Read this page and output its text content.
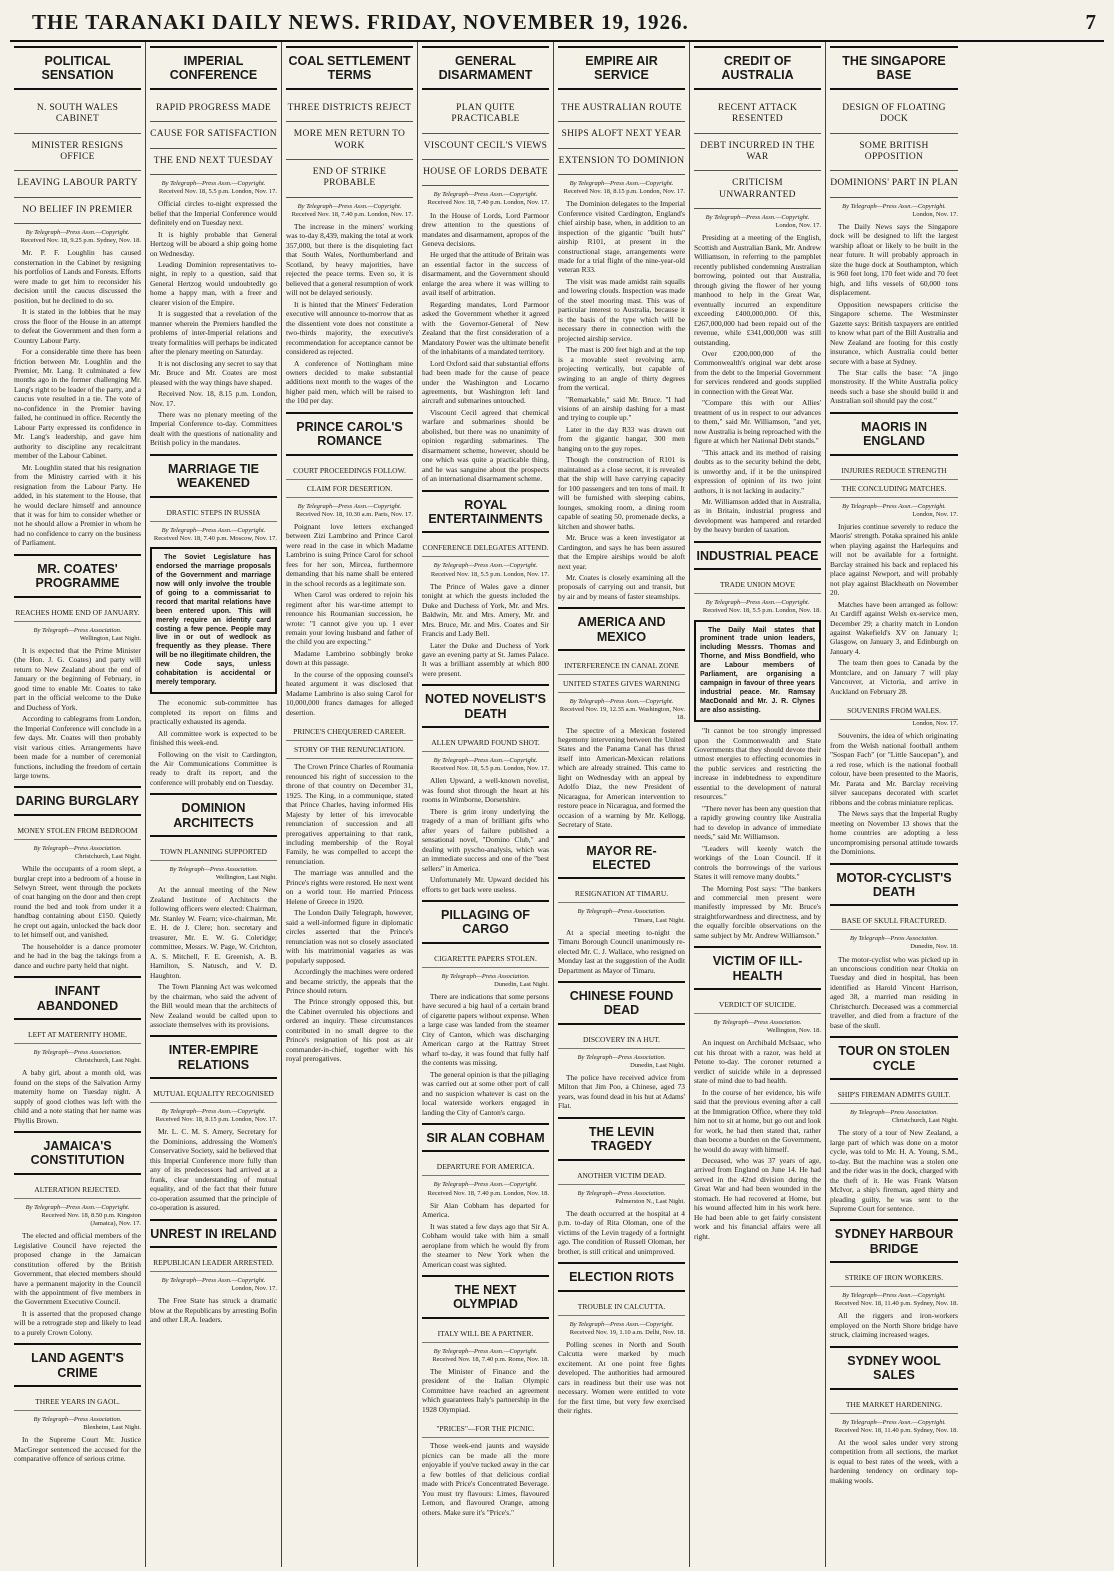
THE TARANAKI DAILY NEWS. FRIDAY, NOVEMBER 19, 1926.	7
POLITICAL SENSATION
N. SOUTH WALES CABINET
MINISTER RESIGNS OFFICE
LEAVING LABOUR PARTY
NO BELIEF IN PREMIER
By Telegraph—Press Assn.—Copyright.
Received Nov. 18, 9.25 p.m. Sydney, Nov. 18.

Mr. P. F. Loughlin has caused consternation in the Cabinet by resigning his portfolios of Lands and Forests. Efforts were made to get him to reconsider his decision until the caucus discussed the position, but he declined to do so.

It is stated in the lobbies that he may cross the floor of the House in an attempt to defeat the Government and then form a Country Labour Party.

For a considerable time there has been friction between Mr. Loughlin and the Premier, Mr. Lang. It culminated a few months ago in the former challenging Mr. Lang's right to be leader of the party, and a caucus vote resulted in a tie. The vote of no-confidence in the Premier having failed, he continued in office. Recently the Labour Party expressed its confidence in Mr. Lang's leadership, and gave him authority to discipline any recalcitrant member of the Labour Cabinet.

Mr. Loughlin stated that his resignation from the Ministry carried with it his resignation from the Labour Party. He added, in his statement to the House, that he would declare himself and announce that it was for him to consider whether or not he should allow a Premier in whom he had no confidence to carry on the business of Parliament.

MR. COATES' PROGRAMME
REACHES HOME END OF JANUARY.
By Telegraph—Press Association.
Wellington, Last Night.

It is expected that the Prime Minister (the Hon. J. G. Coates) and party will return to New Zealand about the end of January or the beginning of February, in good time to enable Mr. Coates to take part in the official welcome to the Duke and Duchess of York.

According to cablegrams from London, the Imperial Conference will conclude in a few days. Mr. Coates will then probably visit various cities. Arrangements have been made for a number of ceremonial functions, including the freedom of certain large towns.

DARING BURGLARY
MONEY STOLEN FROM BEDROOM
By Telegraph—Press Association.
Christchurch, Last Night.

While the occupants of a room slept, a burglar crept into a bedroom of a house in Selwyn Street, went through the pockets of coat hanging on the door and then crept round the bed and took from under it a handbag containing about £150. Quietly he crept out again, unlocked the back door to let himself out, and vanished.

The householder is a dance promoter and he had in the bag the takings from a dance and euchre party held that night.

INFANT ABANDONED
LEFT AT MATERNITY HOME.
By Telegraph—Press Association.
Christchurch, Last Night.

A baby girl, about a month old, was found on the steps of the Salvation Army maternity home on Tuesday night. A supply of good clothes was left with the child and a note stating that her name was Phyllis Brown.

JAMAICA'S CONSTITUTION
ALTERATION REJECTED.
By Telegraph—Press Assn.—Copyright.
Received Nov. 18, 8.50 p.m. Kingston (Jamaica), Nov. 17.

The elected and official members of the Legislative Council have rejected the proposed change in the Jamaican constitution offered by the British Government, that elected members should have a permanent majority in the Council with the appointment of five members in the Government Executive Council.

It is asserted that the proposed change will be a retrograde step and likely to lead to a purely Crown Colony.

LAND AGENT'S CRIME
THREE YEARS IN GAOL.
By Telegraph—Press Association.
Blenheim, Last Night.

In the Supreme Court Mr. Justice MacGregor sentenced the accused for the comparative offence of serious crime.

IMPERIAL CONFERENCE
RAPID PROGRESS MADE
CAUSE FOR SATISFACTION
THE END NEXT TUESDAY
By Telegraph—Press Assn.—Copyright.
Received Nov. 18, 5.5 p.m. London, Nov. 17.

Official circles to-night expressed the belief that the Imperial Conference would definitely end on Tuesday next.

It is highly probable that General Hertzog will be aboard a ship going home on Wednesday.

Leading Dominion representatives to-night, in reply to a question, said that General Hertzog would undoubtedly go home a happy man, with a freer and clearer vision of the Empire.

It is suggested that a revelation of the manner wherein the Premiers handled the problems of inter-Imperial relations and treaty formalities will perhaps be indicated after the plenary meeting on Saturday.

It is not disclosing any secret to say that Mr. Bruce and Mr. Coates are most pleased with the way things have shaped.

Received Nov. 18, 8.15 p.m. London, Nov. 17.

There was no plenary meeting of the Imperial Conference to-day. Committees dealt with the questions of nationality and British policy in the mandates.

MARRIAGE TIE WEAKENED
DRASTIC STEPS IN RUSSIA
By Telegraph—Press Assn.—Copyright.
Received Nov. 18, 7.40 p.m. Moscow, Nov. 17.

The Soviet Legislature has endorsed the marriage proposals of the Government and marriage now will only involve the trouble of going to a commissariat to record that marital relations have been entered upon. This will merely require an identity card costing a few pence. People may live in or out of wedlock as frequently as they please. There will be no illegitimate children, the new Code says, unless cohabitation is accidental or merely temporary.

The economic sub-committee has completed its report on films and practically exhausted its agenda.

All committee work is expected to be finished this week-end.

Following on the visit to Cardington, the Air Communications Committee is ready to draft its report, and the conference will probably end on Tuesday.

DOMINION ARCHITECTS
TOWN PLANNING SUPPORTED
By Telegraph—Press Association.
Wellington, Last Night.

At the annual meeting of the New Zealand Institute of Architects the following officers were elected: Chairman, Mr. Stanley W. Fearn; vice-chairman, Mr. E. H. de J. Clere; hon. secretary and treasurer, Mr. E. W. G. Coleridge; committee, Messrs. W. Page, W. Crichton, A. S. Mitchell, F. E. Greenish, A. B. Hamilton, S. Natusch, and V. D. Haughton.

The Town Planning Act was welcomed by the chairman, who said the advent of the Bill would mean that the architects of New Zealand would be called upon to associate themselves with its provisions.

INTER-EMPIRE RELATIONS
MUTUAL EQUALITY RECOGNISED
By Telegraph—Press Assn.—Copyright.
Received Nov. 18, 8.15 p.m. London, Nov. 17.

Mr. L. C. M. S. Amery, Secretary for the Dominions, addressing the Women's Conservative Society, said he believed that this Imperial Conference more fully than any of its predecessors had arrived at a frank, clear understanding of mutual equality, and of the fact that their future co-operation assumed that the principle of co-operation is assured.

UNREST IN IRELAND
REPUBLICAN LEADER ARRESTED.
By Telegraph—Press Assn.—Copyright.
London, Nov. 17.

The Free State has struck a dramatic blow at the Republicans by arresting Bofin and other I.R.A. leaders.

COAL SETTLEMENT TERMS
THREE DISTRICTS REJECT
MORE MEN RETURN TO WORK
END OF STRIKE PROBABLE
By Telegraph—Press Assn.—Copyright.
Received Nov. 18, 7.40 p.m. London, Nov. 17.

The increase in the miners' working was to-day 8,439, making the total at work 357,000, but there is the disquieting fact that South Wales, Northumberland and Scotland, by heavy majorities, have rejected the peace terms. Even so, it is believed that a general resumption of work will not be delayed seriously.

It is hinted that the Miners' Federation executive will announce to-morrow that as the dissentient vote does not constitute a two-thirds majority, the executive's recommendation for acceptance cannot be considered as rejected.

A conference of Nottingham mine owners decided to make substantial additions next month to the wages of the higher paid men, which will be raised to the 10d per day.

PRINCE CAROL'S ROMANCE
COURT PROCEEDINGS FOLLOW.
CLAIM FOR DESERTION.
By Telegraph—Press Assn.—Copyright.
Received Nov. 18, 10.30 a.m. Paris, Nov. 17.

Poignant love letters exchanged between Zizi Lambrino and Prince Carol were read in the case in which Madame Lambrino is suing Prince Carol for school fees for her son, Mircea, furthermore demanding that his name shall be entered in the school records as a legitimate son.

When Carol was ordered to rejoin his regiment after his war-time attempt to renounce his Roumanian succession, he wrote: "I cannot give you up. I ever remain your loving husband and father of the child you are expecting."

Madame Lambrino sobbingly broke down at this passage.

In the course of the opposing counsel's heated argument it was disclosed that Madame Lambrino is also suing Carol for 10,000,000 francs damages for alleged desertion.

PRINCE'S CHEQUERED CAREER.
STORY OF THE RENUNCIATION.

The Crown Prince Charles of Roumania renounced his right of succession to the throne of that country on December 31, 1925. The King, in a communique, stated that Prince Charles, having informed His Majesty by letter of his irrevocable renunciation of succession and all prerogatives appertaining to that rank, including membership of the Royal Family, he was compelled to accept the renunciation.

The marriage was annulled and the Prince's rights were restored. He next went on a world tour. He married Princess Helene of Greece in 1920.

The London Daily Telegraph, however, said a well-informed figure in diplomatic circles asserted that the Prince's renunciation was not so closely associated with his matrimonial vagaries as was popularly supposed.

Accordingly the machines were ordered and became strictly, the appeals that the Prince should return.

The Prince strongly opposed this, but the Cabinet overruled his objections and ordered an inquiry. These circumstances contributed in no small degree to the Prince's resignation of his post as air commander-in-chief, together with his royal prerogatives.

GENERAL DISARMAMENT
PLAN QUITE PRACTICABLE
VISCOUNT CECIL'S VIEWS
HOUSE OF LORDS DEBATE
By Telegraph—Press Assn.—Copyright.
Received Nov. 18, 7.40 p.m. London, Nov. 17.

In the House of Lords, Lord Parmoor drew attention to the questions of mandates and disarmament, apropos of the Geneva decisions.

He urged that the attitude of Britain was an essential factor in the success of disarmament, and the Government should enlarge the area where it was willing to avail itself of arbitration.

Regarding mandates, Lord Parmoor asked the Government whether it agreed with the Governor-General of New Zealand that the first consideration of a Mandatory Power was the ultimate benefit of the inhabitants of a mandated territory.

Lord Oxford said that substantial efforts had been made for the cause of peace under the Washington and Locarno agreements, but Washington left land aircraft and submarines untouched.

Viscount Cecil agreed that chemical warfare and submarines should be abolished, but there was no unanimity of opinion regarding submarines. The disarmament scheme, however, should be one which was quite a practicable thing, and he was sanguine about the prospects of an international disarmament scheme.

ROYAL ENTERTAINMENTS
CONFERENCE DELEGATES ATTEND.
By Telegraph—Press Assn.—Copyright.
Received Nov. 18, 5.5 p.m. London, Nov. 17.

The Prince of Wales gave a dinner tonight at which the guests included the Duke and Duchess of York, Mr. and Mrs. Baldwin, Mr. and Mrs. Amery, Mr. and Mrs. Bruce, Mr. and Mrs. Coates and Sir Francis and Lady Bell.

Later the Duke and Duchess of York gave an evening party at St. James Palace. It was a brilliant assembly at which 800 were present.

NOTED NOVELIST'S DEATH
ALLEN UPWARD FOUND SHOT.
By Telegraph—Press Assn.—Copyright.
Received Nov. 18, 5.5 p.m. London, Nov. 17.

Allen Upward, a well-known novelist, was found shot through the heart at his rooms in Wimborne, Dorsetshire.

There is grim irony underlying the tragedy of a man of brilliant gifts who after years of failure published a sensational novel, "Domino Club," and dealing with pyscho-analysis, which was an immediate success and one of the "best sellers" in America.

Unfortunately Mr. Upward decided his efforts to get back were useless.

PILLAGING OF CARGO
CIGARETTE PAPERS STOLEN.
By Telegraph—Press Association.
Dunedin, Last Night.

There are indications that some persons have secured a big haul of a certain brand of cigarette papers without expense. When a large case was landed from the steamer City of Canton, which was discharging American cargo at the Rattray Street wharf to-day, it was found that fully half the contents was missing.

The general opinion is that the pillaging was carried out at some other port of call and no suspicion whatever is cast on the local waterside workers engaged in landing the City of Canton's cargo.

SIR ALAN COBHAM
DEPARTURE FOR AMERICA.
By Telegraph—Press Assn.—Copyright.
Received Nov. 18, 7.40 p.m. London, Nov. 18.

Sir Alan Cobham has departed for America.

It was stated a few days ago that Sir A. Cobham would take with him a small aeroplane from which he would fly from the steamer to New York when the American coast was sighted.

THE NEXT OLYMPIAD
ITALY WILL BE A PARTNER.
By Telegraph—Press Assn.—Copyright.
Received Nov. 18, 7.40 p.m. Rome, Nov. 18.

The Minister of Finance and the president of the Italian Olympic Committee have reached an agreement which guarantees Italy's partnership in the 1928 Olympiad.

"PRICES"—FOR THE PICNIC.

Those week-end jaunts and wayside picnics can be made all the more enjoyable if you've tucked away in the car a few bottles of that delicious cordial made with Price's Concentrated Beverage. You must try flavours: Limes, flavoured Lemon, and flavoured Orange, among others. Make sure it's "Price's."

EMPIRE AIR SERVICE
THE AUSTRALIAN ROUTE
SHIPS ALOFT NEXT YEAR
EXTENSION TO DOMINION
By Telegraph—Press Assn.—Copyright.
Received Nov. 18, 8.15 p.m. London, Nov. 17.

The Dominion delegates to the Imperial Conference visited Cardington, England's chief airship base, when, in addition to an inspection of the gigantic "built huts" airship R101, at present in the constructional stage, arrangements were made for a trial flight of the nine-year-old veteran R33.

The visit was made amidst rain squalls and lowering clouds. Inspection was made of the steel mooring mast. This was of particular interest to Australia, because it is the basis of the type which will be necessary there in connection with the projected airship service.

The mast is 200 feet high and at the top is a movable steel revolving arm, projecting vertically, but capable of swinging to an angle of thirty degrees from the vertical.

"Remarkable," said Mr. Bruce. "I had visions of an airship dashing for a mast and trying to couple up."

Later in the day R33 was drawn out from the gigantic hangar, 300 men hanging on to the guy ropes.

Though the construction of R101 is maintained as a close secret, it is revealed that the ship will have carrying capacity for 100 passengers and ten tons of mail. It will be furnished with sleeping cabins, lounges, smoking room, a dining room capable of seating 50, promenade decks, a kitchen and shower baths.

Mr. Bruce was a keen investigator at Cardington, and says he has been assured that the Empire airships would be aloft next year.

Mr. Coates is closely examining all the proposals of carrying out and transit, but by air and by means of faster steamships.

AMERICA AND MEXICO
INTERFERENCE IN CANAL ZONE
UNITED STATES GIVES WARNING
By Telegraph—Press Assn.—Copyright.
Received Nov. 19, 12.35 a.m. Washington, Nov. 18.

The spectre of a Mexican fostered hegemony intervening between the United States and the Panama Canal has thrust itself into American-Mexican relations which are already strained. This came to light on Wednesday with an appeal by Adolfo Diaz, the new President of Nicaragua, for American intervention to restore peace in Nicaragua, and formed the occasion of a warning by Mr. Kellogg, Secretary of State.

MAYOR RE-ELECTED
RESIGNATION AT TIMARU.
By Telegraph—Press Association.
Timaru, Last Night.

At a special meeting to-night the Timaru Borough Council unanimously re-elected Mr. C. J. Wallace, who resigned on Monday last at the suggestion of the Audit Department as Mayor of Timaru.

CHINESE FOUND DEAD
DISCOVERY IN A HUT.
By Telegraph—Press Association.
Dunedin, Last Night.

The police have received advice from Milton that Jim Poo, a Chinese, aged 73 years, was found dead in his hut at Adams' Flat.

THE LEVIN TRAGEDY
ANOTHER VICTIM DEAD.
By Telegraph—Press Association.
Palmerston N., Last Night.

The death occurred at the hospital at 4 p.m. to-day of Rita Oloman, one of the victims of the Levin tragedy of a fortnight ago. The condition of Russell Oloman, her brother, is still critical and unimproved.

ELECTION RIOTS
TROUBLE IN CALCUTTA.
By Telegraph—Press Assn.—Copyright.
Received Nov. 19, 1.10 a.m. Delhi, Nov. 18.

Polling scenes in North and South Calcutta were marked by much excitement. At one point free fights developed. The authorities had armoured cars in readiness but their use was not necessary. Women were entitled to vote for the first time, but very few exercised their rights.

CREDIT OF AUSTRALIA
RECENT ATTACK RESENTED
DEBT INCURRED IN THE WAR
CRITICISM UNWARRANTED
By Telegraph—Press Assn.—Copyright.
London, Nov. 17.

Presiding at a meeting of the English, Scottish and Australian Bank, Mr. Andrew Williamson, in referring to the pamphlet recently published condemning Australian borrowing, pointed out that Australia, through giving the flower of her young manhood to help in the Great War, eventually incurred an expenditure exceeding £400,000,000. Of this, £267,000,000 had been repaid out of the revenue, while £341,000,000 was still outstanding.

Over £200,000,000 of the Commonwealth's original war debt arose from the debt to the Imperial Government for services rendered and goods supplied in connection with the Great War.

"Compare this with our Allies' treatment of us in respect to our advances to them," said Mr. Williamson, "and yet, now Australia is being reproached with the figure at which her National Debt stands."

"This attack and its method of raising doubts as to the security behind the debt, is unworthy and, if it be the uninspired expression of opinion of its two joint authors, it is not lacking in audacity."

Mr. Williamson added that in Australia, as in Britain, industrial progress and development was hampered and retarded by the heavy burden of taxation.

INDUSTRIAL PEACE
TRADE UNION MOVE
By Telegraph—Press Assn.—Copyright.
Received Nov. 18, 5.5 p.m. London, Nov. 18.

The Daily Mail states that prominent trade union leaders, including Messrs. Thomas and Thorne, and Miss Bondfield, who are Labour members of Parliament, are organising a campaign in favour of three years industrial peace. Mr. Ramsay MacDonald and Mr. J. R. Clynes are also assisting.

"It cannot be too strongly impressed upon the Commonwealth and State Governments that they should devote their utmost energies to effecting economies in the public services and restricting the increase in indebtedness to expenditure essential to the development of natural resources."

"There never has been any question that a rapidly growing country like Australia had to develop in advance of immediate needs," said Mr. Williamson.

"Leaders will keenly watch the workings of the Loan Council. If it controls the borrowings of the various States it will remove many doubts."

The Morning Post says: "The bankers and commercial men present were manifestly impressed by Mr. Bruce's straightforwardness and directness, and by the equally forcible observations on the same subject by Mr. Andrew Williamson."

VICTIM OF ILL-HEALTH
VERDICT OF SUICIDE.
By Telegraph—Press Association.
Wellington, Nov. 18.

An inquest on Archibald McIsaac, who cut his throat with a razor, was held at Petone to-day. The coroner returned a verdict of suicide while in a depressed state of mind due to bad health.

In the course of her evidence, his wife said that the previous evening after a call at the Immigration Office, where they told him not to sit at home, but go out and look for work, he had then stated that, rather than become a burden on the Government, he would do away with himself.

Deceased, who was 37 years of age, arrived from England on June 14. He had served in the 42nd division during the Great War and had been wounded in the stomach. He had recovered at Home, but his wound affected him in his work here. He had been able to get fairly consistent work and his financial affairs were all right.

THE SINGAPORE BASE
DESIGN OF FLOATING DOCK
SOME BRITISH OPPOSITION
DOMINIONS' PART IN PLAN
By Telegraph—Press Assn.—Copyright.
London, Nov. 17.

The Daily News says the Singapore dock will be designed to lift the largest warship afloat or likely to be built in the near future. It will probably approach in size the huge dock at Southampton, which is 960 feet long, 170 feet wide and 70 feet high, and lifts vessels of 60,000 tons displacement.

Opposition newspapers criticise the Singapore scheme. The Westminster Gazette says: British taxpayers are entitled to know what part of the Bill Australia and New Zealand are footing for this costly insurance, which Australia could better secure with a base at Sydney.

The Star calls the base: "A jingo monstrosity. If the White Australia policy needs such a base she should build it and Australian soil should pay the cost."

MAORIS IN ENGLAND
INJURIES REDUCE STRENGTH
THE CONCLUDING MATCHES.
By Telegraph—Press Assn.—Copyright.
London, Nov. 17.

Injuries continue severely to reduce the Maoris' strength. Potaka sprained his ankle when playing against the Harlequins and will not be available for a fortnight. Barclay strained his back and replaced his place against Newport, and will probably not play against Blackheath on November 20.

Matches have been arranged as follow: At Cardiff against Welsh ex-service men, December 29; a charity match in London against Wakefield's XV on January 1; Glasgow, on January 3, and Edinburgh on January 4.

The team then goes to Canada by the Montclare, and on January 7 will play Vancouver, at Victoria, and arrive in Auckland on February 28.

SOUVENIRS FROM WALES.
London, Nov. 17.

Souvenirs, the idea of which originating from the Welsh national football anthem "Sospan Fach" (or "Little Saucepan"), and a red rose, which is the national football colour, have been presented to the Maoris, Mr. Parata and Mr. Barclay receiving silver saucepans decorated with scarlet ribbons and the cobras miniature replicas.

The News says that the Imperial Rugby meeting on November 13 shows that the home countries are adopting a less uncompromising personal attitude towards the Dominions.

MOTOR-CYCLIST'S DEATH
BASE OF SKULL FRACTURED.
By Telegraph—Press Association.
Dunedin, Nov. 18.

The motor-cyclist who was picked up in an unconscious condition near Otokia on Tuesday and died in hospital, has been identified as Harold Vincent Harrison, aged 38, a married man residing in Christchurch. Deceased was a commercial traveller, and died from a fracture of the base of the skull.

TOUR ON STOLEN CYCLE
SHIP'S FIREMAN ADMITS GUILT.
By Telegraph—Press Association.
Christchurch, Last Night.

The story of a tour of New Zealand, a large part of which was done on a motor cycle, was told to Mr. H. A. Young, S.M., to-day. But the machine was a stolen one and the rider was in the dock, charged with the theft of it. He was Frank Watson McIvor, a ship's fireman, aged thirty and pleading guilty, he was sent to the Supreme Court for sentence.

SYDNEY HARBOUR BRIDGE
STRIKE OF IRON WORKERS.
By Telegraph—Press Assn.—Copyright.
Received Nov. 18, 11.40 p.m. Sydney, Nov. 18.

All the riggers and iron-workers employed on the North Shore bridge have struck, claiming increased wages.

SYDNEY WOOL SALES
THE MARKET HARDENING.
By Telegraph—Press Assn.—Copyright.
Received Nov. 18, 11.40 p.m. Sydney, Nov. 18.

At the wool sales under very strong competition from all sections, the market is equal to best rates of the week, with a hardening tendency on ordinary top-making wools.
